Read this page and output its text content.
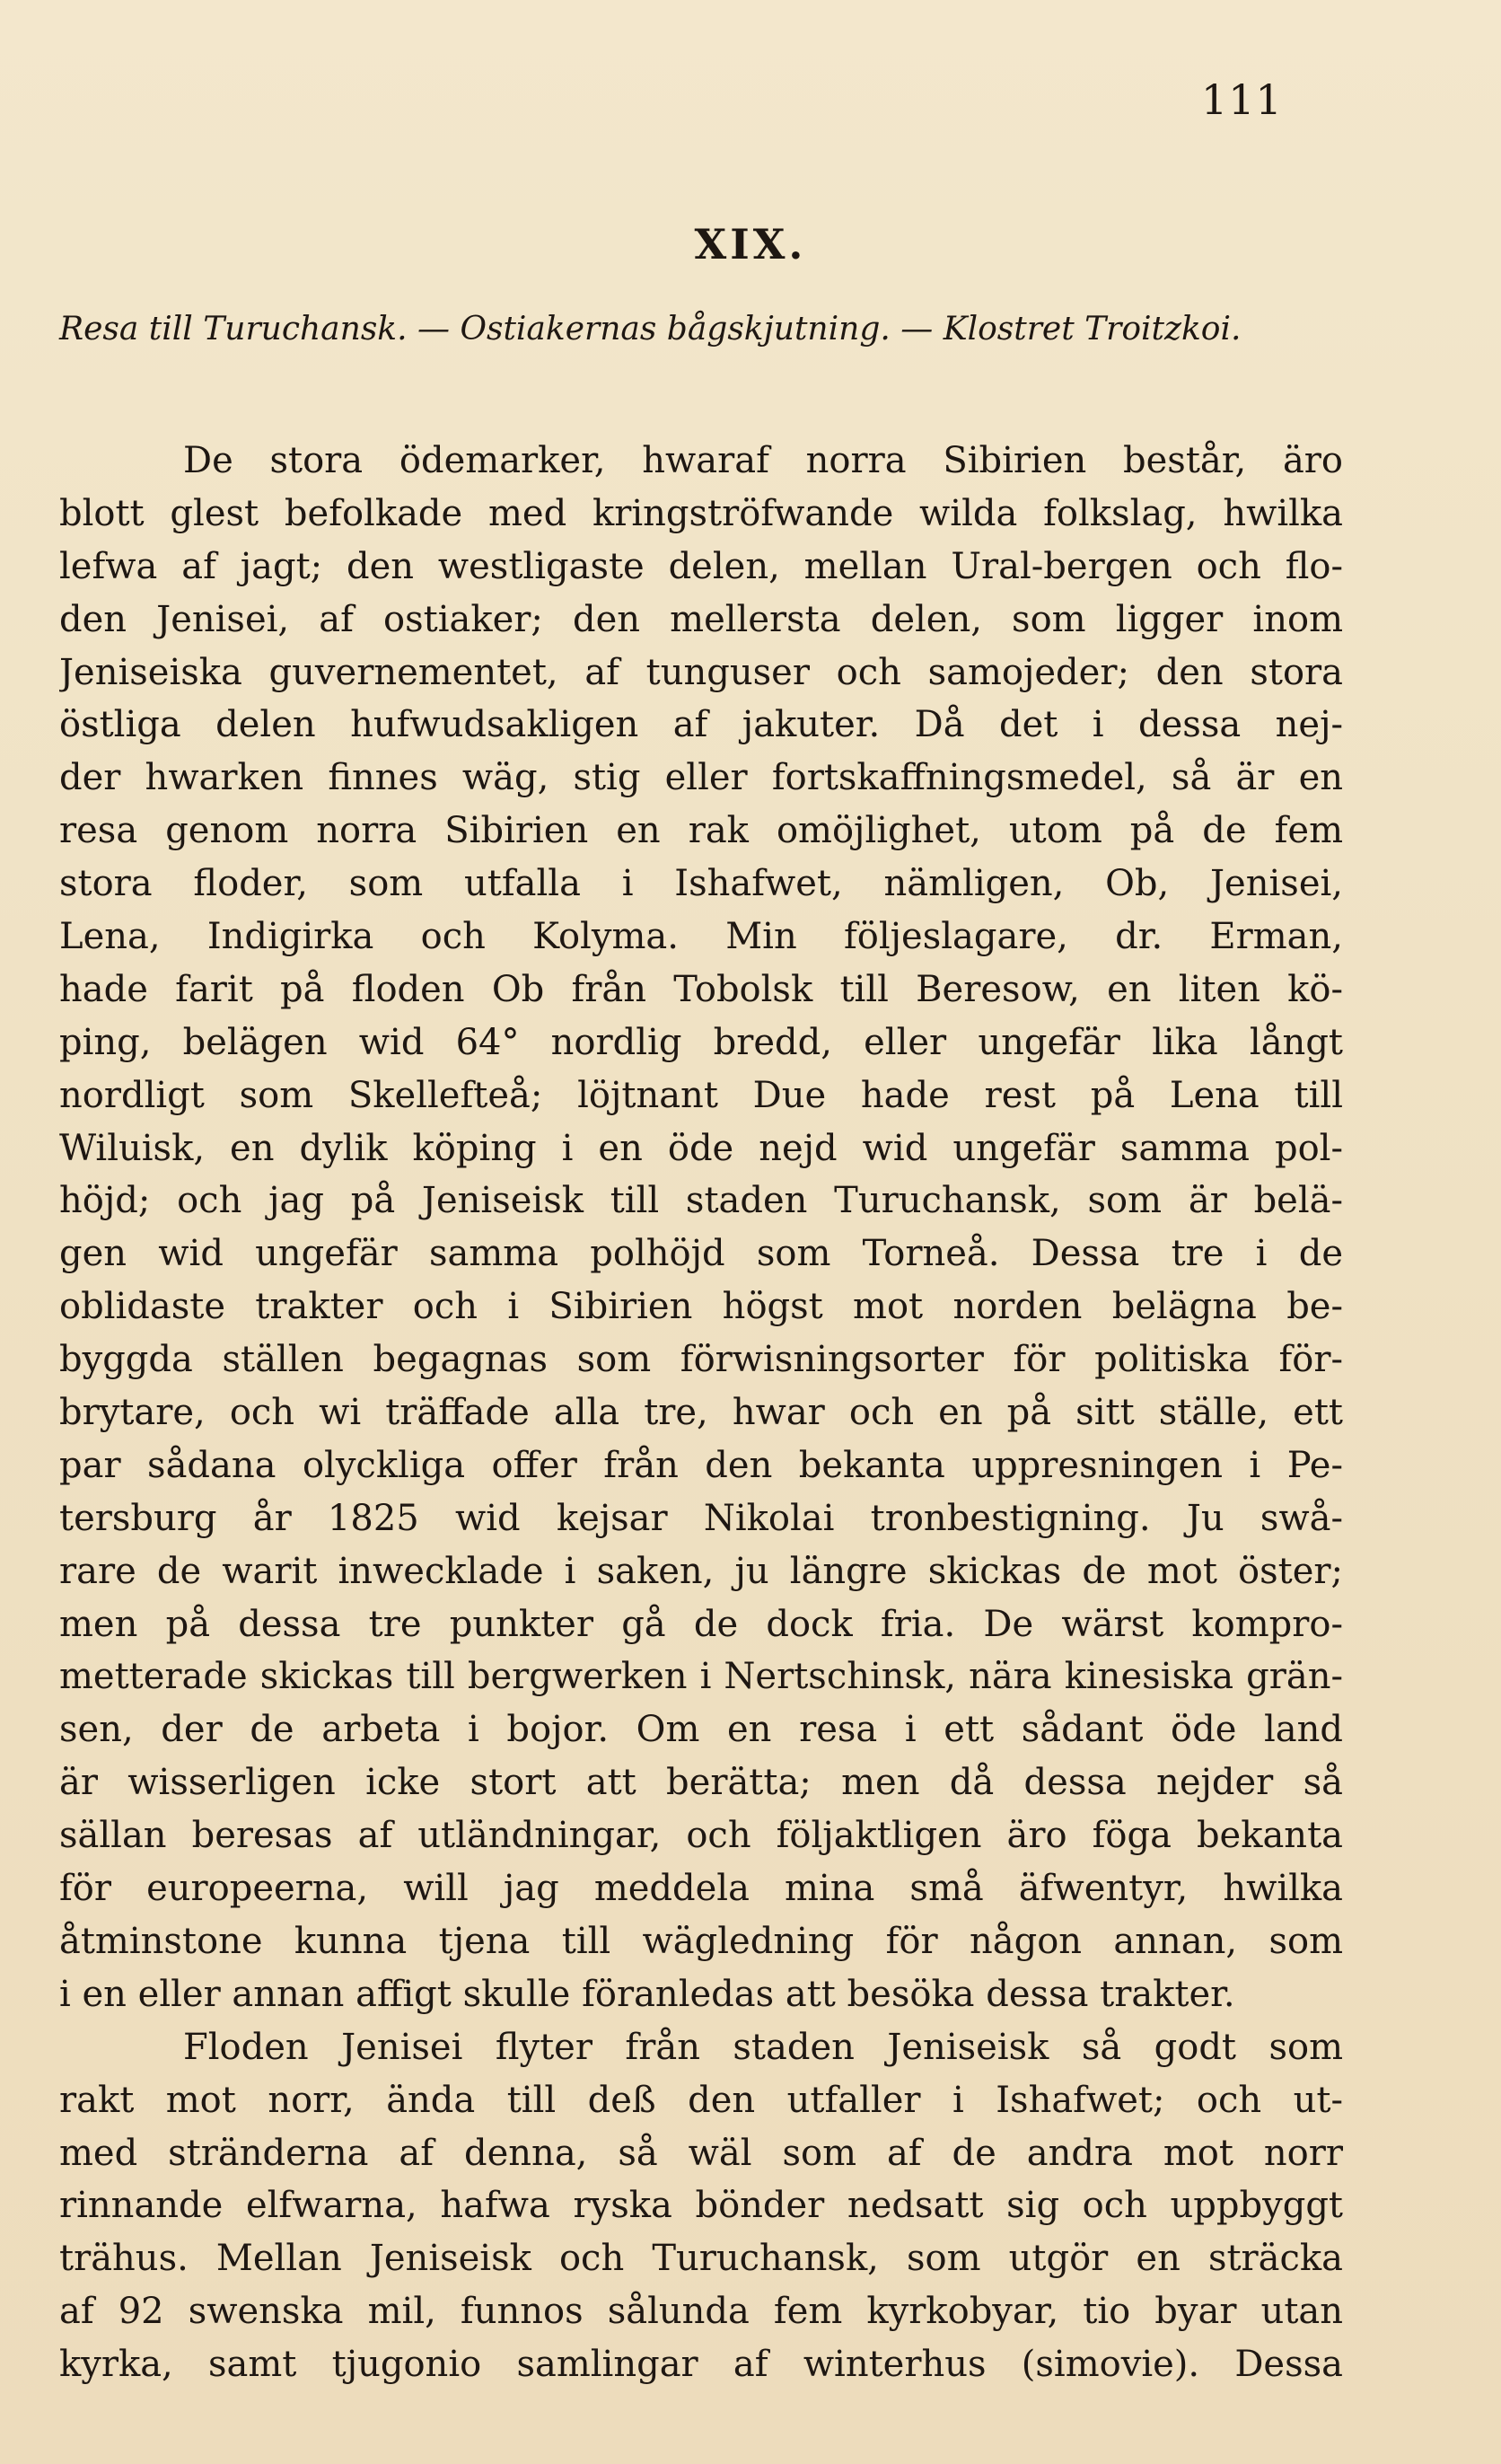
111
XIX.
Resa till Turuchansk. — Ostiakernas bågskjutning. — Klostret Troitzkoi.
De stora ödemarker, hwaraf norra Sibirien består, äro
blott glest befolkade med kringströfwande wilda folkslag, hwilka
lefwa af jagt; den westligaste delen, mellan Ural-bergen och flo-
den Jenisei, af ostiaker; den mellersta delen, som ligger inom
Jeniseiska guvernementet, af tunguser och samojeder; den stora
östliga delen hufwudsakligen af jakuter. Då det i dessa nej-
der hwarken finnes wäg, stig eller fortskaffningsmedel, så är en
resa genom norra Sibirien en rak omöjlighet, utom på de fem
stora floder, som utfalla i Ishafwet, nämligen, Ob, Jenisei,
Lena, Indigirka och Kolyma. Min följeslagare, dr. Erman,
hade farit på floden Ob från Tobolsk till Beresow, en liten kö-
ping, belägen wid 64° nordlig bredd, eller ungefär lika långt
nordligt som Skellefteå; löjtnant Due hade rest på Lena till
Wiluisk, en dylik köping i en öde nejd wid ungefär samma pol-
höjd; och jag på Jeniseisk till staden Turuchansk, som är belä-
gen wid ungefär samma polhöjd som Torneå. Dessa tre i de
oblidaste trakter och i Sibirien högst mot norden belägna be-
byggda ställen begagnas som förwisningsorter för politiska för-
brytare, och wi träffade alla tre, hwar och en på sitt ställe, ett
par sådana olyckliga offer från den bekanta uppresningen i Pe-
tersburg år 1825 wid kejsar Nikolai tronbestigning. Ju swå-
rare de warit inwecklade i saken, ju längre skickas de mot öster;
men på dessa tre punkter gå de dock fria. De wärst kompro-
metterade skickas till bergwerken i Nertschinsk, nära kinesiska grän-
sen, der de arbeta i bojor. Om en resa i ett sådant öde land
är wisserligen icke stort att berätta; men då dessa nejder så
sällan beresas af utländningar, och följaktligen äro föga bekanta
för europeerna, will jag meddela mina små äfwentyr, hwilka
åtminstone kunna tjena till wägledning för någon annan, som
i en eller annan affigt skulle föranledas att besöka dessa trakter.
Floden Jenisei flyter från staden Jeniseisk så godt som
rakt mot norr, ända till deß den utfaller i Ishafwet; och ut-
med stränderna af denna, så wäl som af de andra mot norr
rinnande elfwarna, hafwa ryska bönder nedsatt sig och uppbyggt
trähus. Mellan Jeniseisk och Turuchansk, som utgör en sträcka
af 92 swenska mil, funnos sålunda fem kyrkobyar, tio byar utan
kyrka, samt tjugonio samlingar af winterhus (simovie). Dessa
